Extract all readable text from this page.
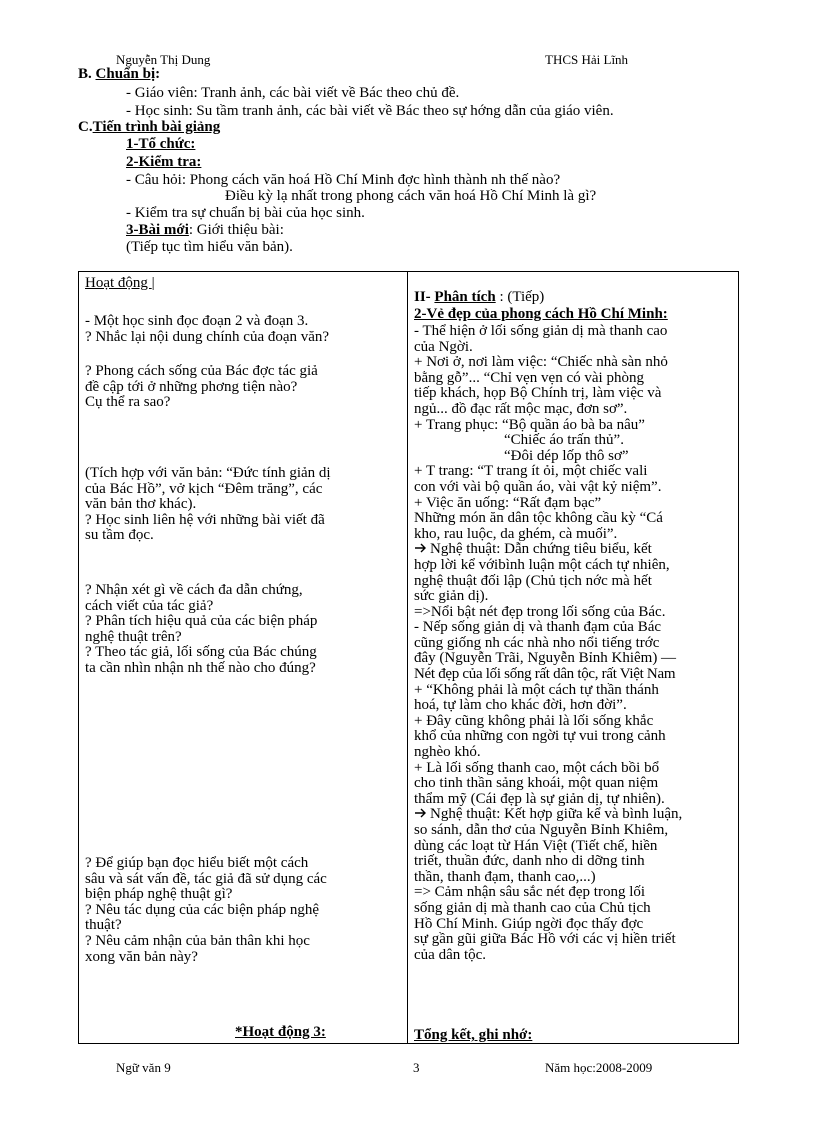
Nguyễn Thị Dung	THCS Hải Lĩnh
B. Chuẩn bị:
- Giáo viên: Tranh ảnh, các bài viết về Bác theo chủ đề.
- Học sinh: Su tầm tranh ảnh, các bài viết về Bác theo sự hớng dẫn của giáo viên.
C.Tiến trình bài giảng
1-Tổ chức:
2-Kiểm tra:
- Câu hỏi: Phong cách văn hoá Hồ Chí Minh đợc hình thành nh thế nào?
Điều kỳ lạ nhất trong phong cách văn hoá Hồ Chí Minh là gì?
- Kiểm tra sự chuẩn bị bài của học sinh.
3-Bài mới: Giới thiệu bài:
(Tiếp tục tìm hiểu văn bản).
Hoạt động |
- Một học sinh đọc đoạn 2 và đoạn 3.
? Nhắc lại nội dung chính của đoạn văn?
? Phong cách sống của Bác đợc tác giả
đề cập tới ở những phơng tiện nào?
Cụ thể ra sao?
(Tích hợp với văn bản: “Đức tính giản dị
của Bác Hồ”, vở kịch “Đêm trăng”, các
văn bản thơ khác).
? Học sinh liên hệ với những bài viết đã
su tầm đọc.
? Nhận xét gì về cách đa dẫn chứng,
cách viết của tác giả?
? Phân tích hiệu quả của các biện pháp
nghệ thuật trên?
? Theo tác giả, lối sống của Bác chúng
ta cần nhìn nhận nh thế nào cho đúng?
? Để giúp bạn đọc hiểu biết một cách
sâu và sát vấn đề, tác giả đã sử dụng các
biện pháp nghệ thuật gì?
? Nêu tác dụng của các biện pháp nghệ
thuật?
? Nêu cảm nhận của bản thân khi học
xong văn bản này?
*Hoạt động 3:

II- Phân tích : (Tiếp)
2-Vẻ đẹp của phong cách Hồ Chí Minh:
- Thể hiện ở lối sống giản dị mà thanh cao
của Ngời.
+ Nơi ở, nơi làm việc: “Chiếc nhà sàn nhỏ
bằng gỗ”... “Chỉ vẹn vẹn có vài phòng
tiếp khách, họp Bộ Chính trị, làm việc và
ngủ... đồ đạc rất mộc mạc, đơn sơ”.
+ Trang phục: “Bộ quần áo bà ba nâu”
“Chiếc áo trấn thủ”.
“Đôi dép lốp thô sơ”
+ T trang: “T trang ít ỏi, một chiếc vali
con với vài bộ quần áo, vài vật kỷ niệm”.
+ Việc ăn uống: “Rất đạm bạc”
Những món ăn dân tộc không cầu kỳ “Cá
kho, rau luộc, da ghém, cà muối”.
Nghệ thuật: Dẫn chứng tiêu biểu, kết
hợp lời kể vớibình luận một cách tự nhiên,
nghệ thuật đối lập (Chủ tịch nớc mà hết
sức giản dị).
=>Nổi bật nét đẹp trong lối sống của Bác.
- Nếp sống giản dị và thanh đạm của Bác
cũng giống nh các nhà nho nổi tiếng trớc
đây (Nguyễn Trãi, Nguyễn Bỉnh Khiêm) —
Nét đẹp của lối sống rất dân tộc, rất Việt Nam
+ “Không phải là một cách tự thần thánh
hoá, tự làm cho khác đời, hơn đời”.
+ Đây cũng không phải là lối sống khắc
khổ của những con ngời tự vui trong cảnh
nghèo khó.
+ Là lối sống thanh cao, một cách bồi bổ
cho tinh thần sảng khoái, một quan niệm
thẩm mỹ (Cái đẹp là sự giản dị, tự nhiên).
Nghệ thuật: Kết hợp giữa kể và bình luận,
so sánh, dẫn thơ của Nguyễn Bỉnh Khiêm,
dùng các loạt từ Hán Việt (Tiết chế, hiền
triết, thuần đức, danh nho di dỡng tinh
thần, thanh đạm, thanh cao,...)
=> Cảm nhận sâu sắc nét đẹp trong lối
sống giản dị mà thanh cao của Chủ tịch
Hồ Chí Minh. Giúp ngời đọc thấy đợc
sự gần gũi giữa Bác Hồ với các vị hiền triết
của dân tộc.
Tổng kết, ghi nhớ:
Ngữ văn 9	3	Năm học:2008-2009
